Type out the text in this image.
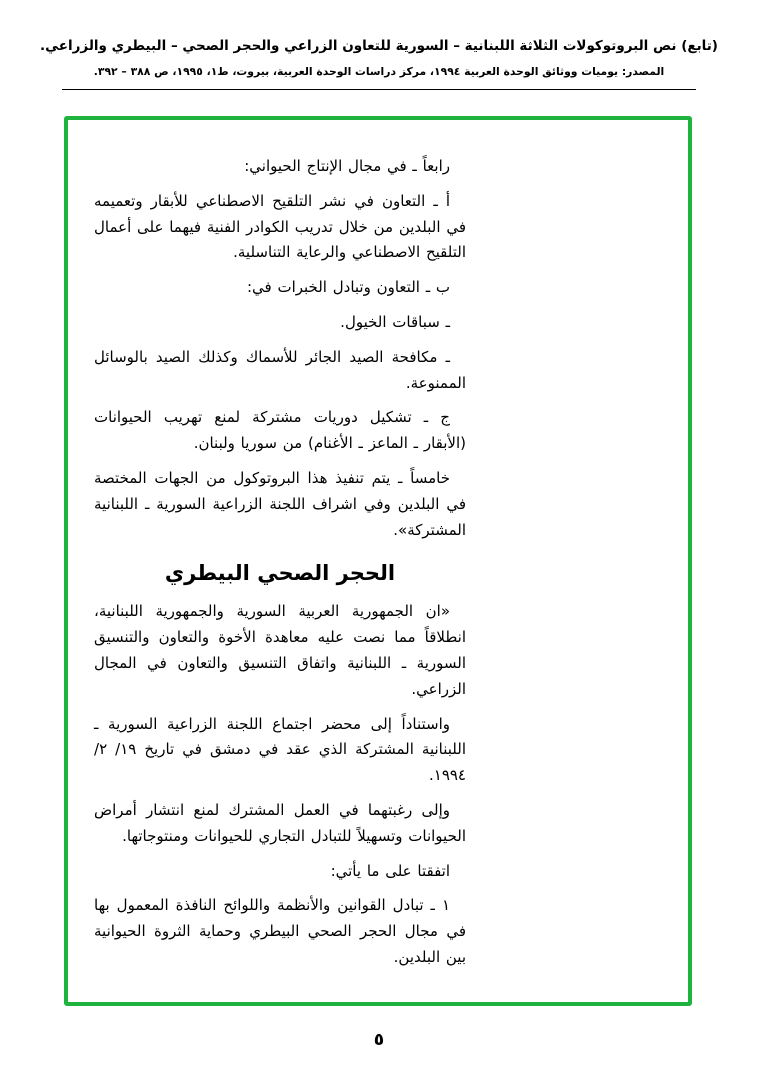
(تابع) نص البروتوكولات الثلاثة اللبنانية – السورية للتعاون الزراعي والحجر الصحي – البيطري والزراعي.
المصدر: يوميات ووثائق الوحدة العربية ١٩٩٤، مركز دراسات الوحدة العربية، بيروت، ط١، ١٩٩٥، ص ٣٨٨ – ٣٩٢.

رابعاً ـ في مجال الإنتاج الحيواني:

أ ـ التعاون في نشر التلقيح الاصطناعي للأبقار وتعميمه في البلدين من خلال تدريب الكوادر الفنية فيهما على أعمال التلقيح الاصطناعي والرعاية التناسلية.

ب ـ التعاون وتبادل الخبرات في:

ـ سباقات الخيول.

ـ مكافحة الصيد الجائر للأسماك وكذلك الصيد بالوسائل الممنوعة.

ج ـ تشكيل دوريات مشتركة لمنع تهريب الحيوانات (الأبقار ـ الماعز ـ الأغنام) من سوريا ولبنان.

خامساً ـ يتم تنفيذ هذا البروتوكول من الجهات المختصة في البلدين وفي اشراف اللجنة الزراعية السورية ـ اللبنانية المشتركة».

الحجر الصحي البيطري

«ان الجمهورية العربية السورية والجمهورية اللبنانية، انطلاقاً مما نصت عليه معاهدة الأخوة والتعاون والتنسيق السورية ـ اللبنانية واتفاق التنسيق والتعاون في المجال الزراعي.

واستناداً إلى محضر اجتماع اللجنة الزراعية السورية ـ اللبنانية المشتركة الذي عقد في دمشق في تاريخ ١٩/ ٢/ ١٩٩٤.

وإلى رغبتهما في العمل المشترك لمنع انتشار أمراض الحيوانات وتسهيلاً للتبادل التجاري للحيوانات ومنتوجاتها.

اتفقتا على ما يأتي:

١ ـ تبادل القوانين والأنظمة واللوائح النافذة المعمول بها في مجال الحجر الصحي البيطري وحماية الثروة الحيوانية بين البلدين.

٥
